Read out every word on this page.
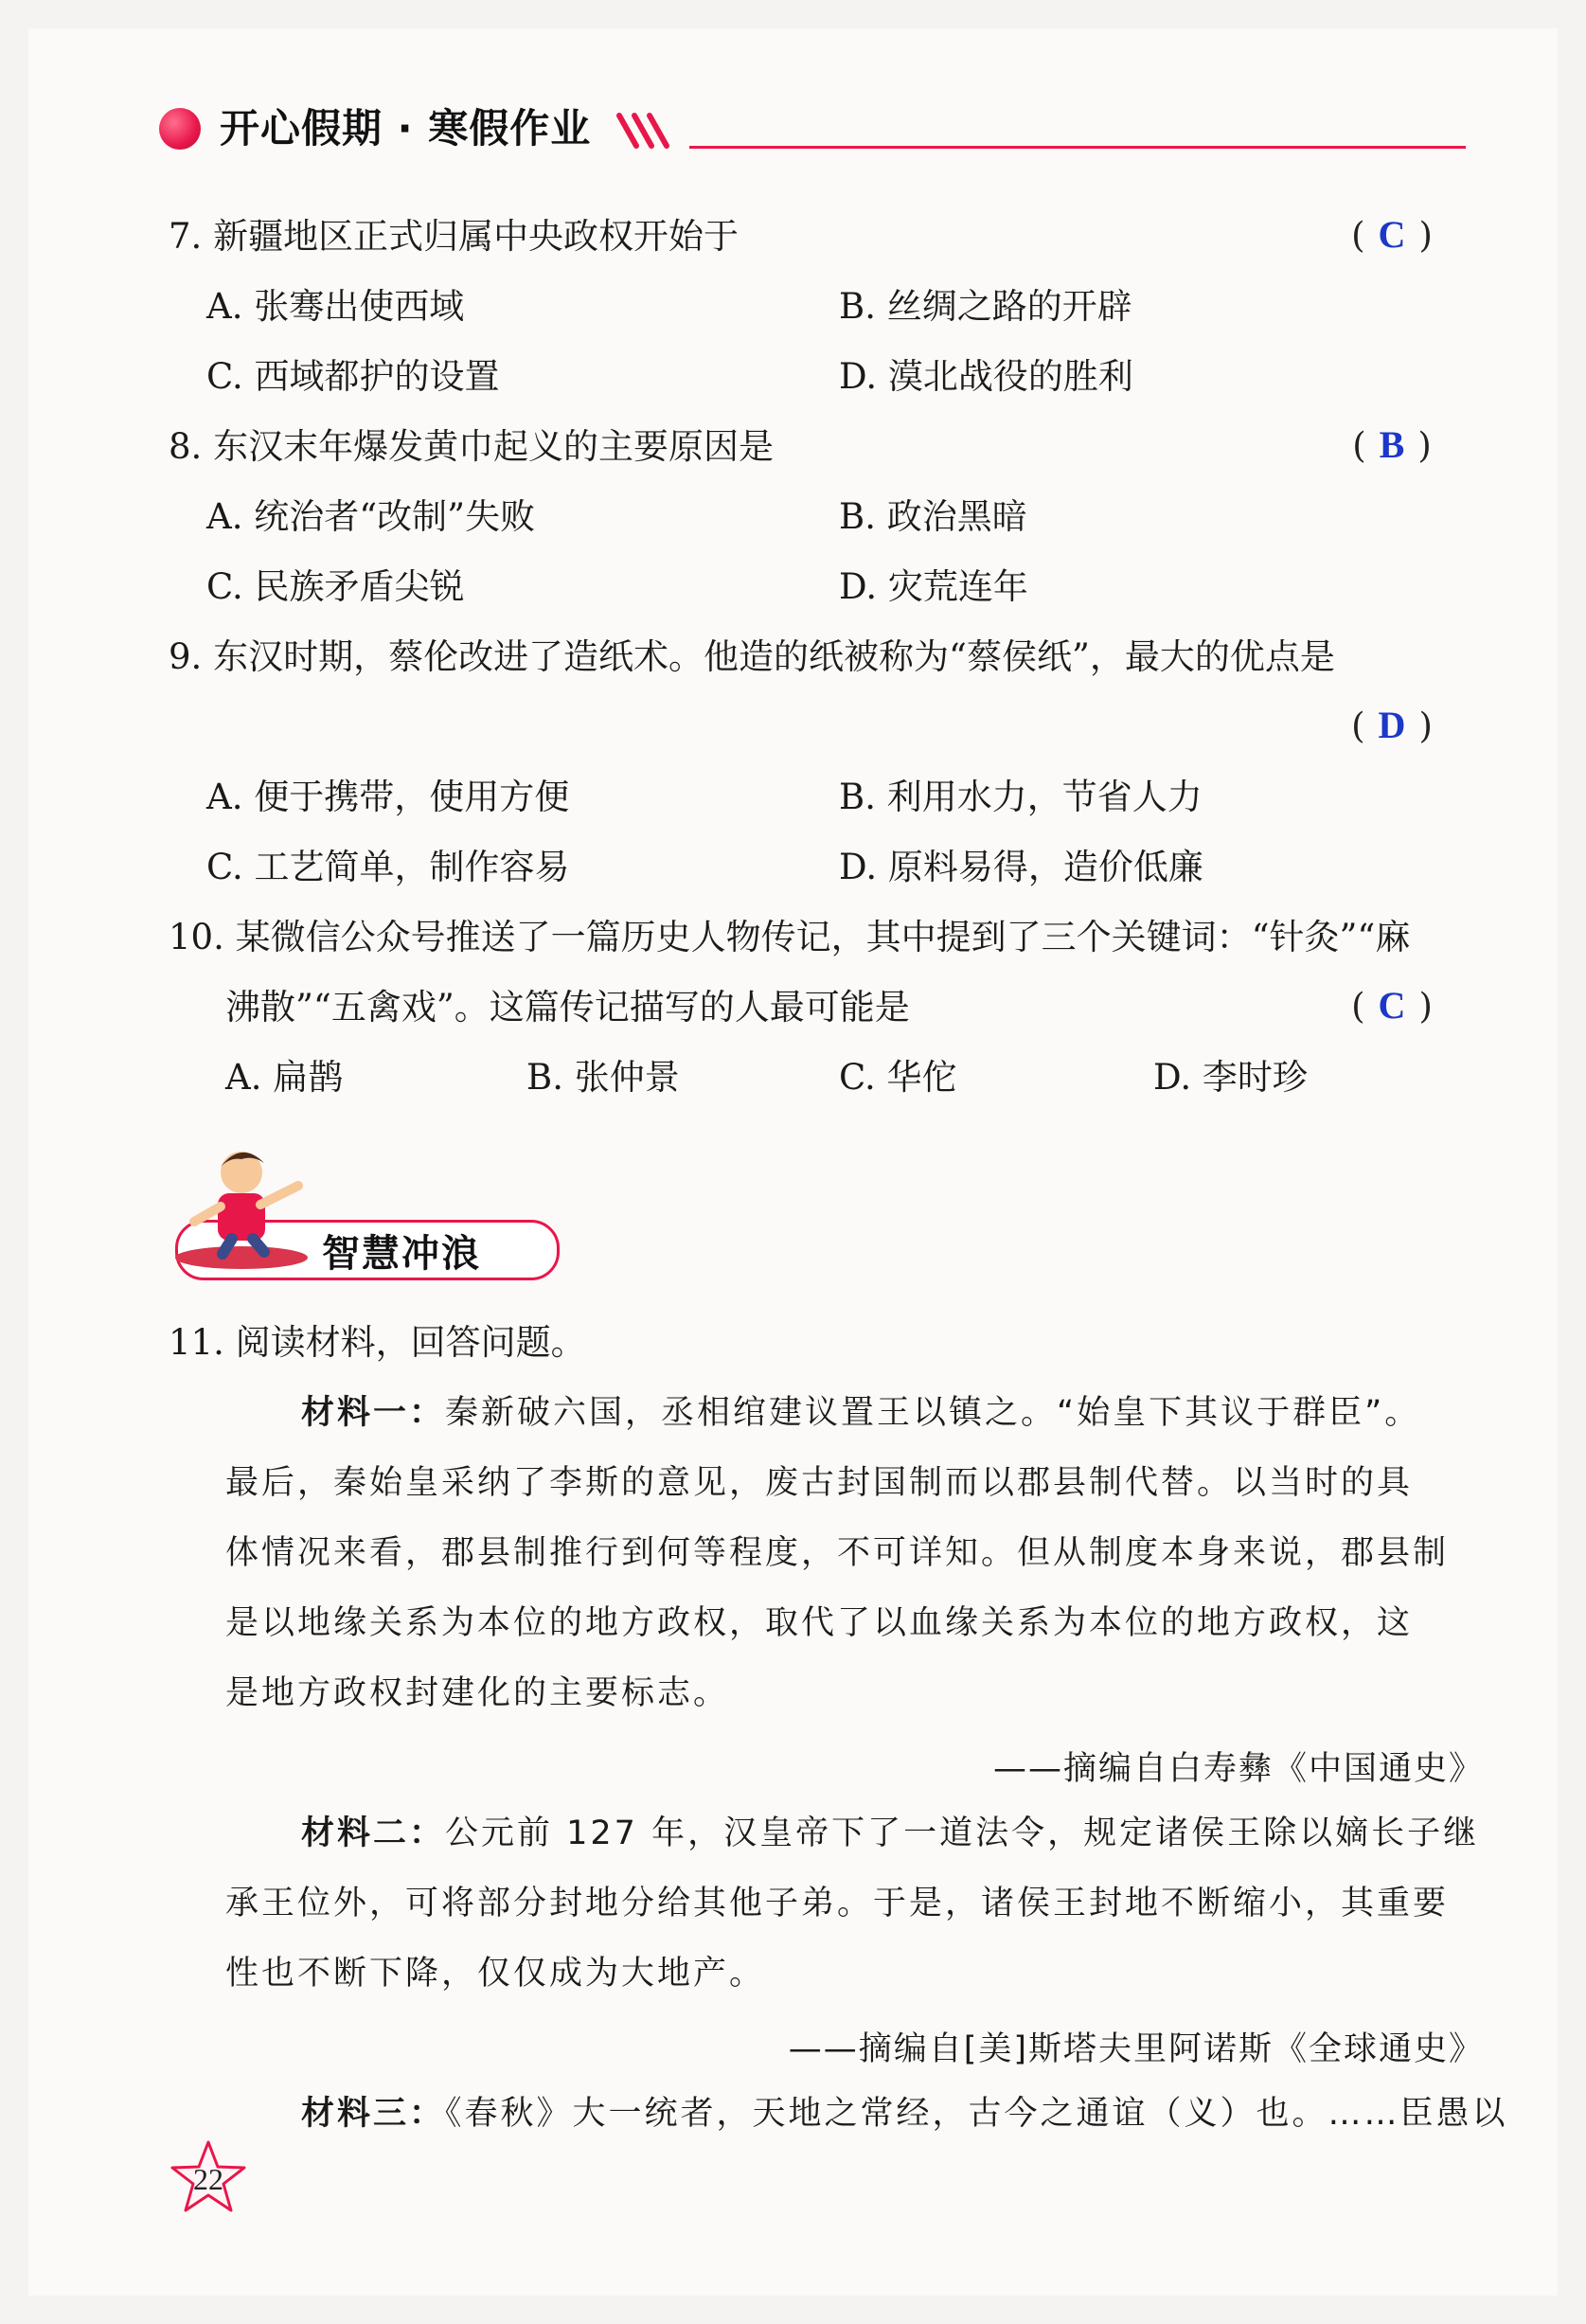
开心假期 · 寒假作业
7. 新疆地区正式归属中央政权开始于	( C )
A. 张骞出使西域	B. 丝绸之路的开辟
C. 西域都护的设置	D. 漠北战役的胜利
8. 东汉末年爆发黄巾起义的主要原因是	( B )
A. 统治者“改制”失败	B. 政治黑暗
C. 民族矛盾尖锐	D. 灾荒连年
9. 东汉时期，蔡伦改进了造纸术。他造的纸被称为“蔡侯纸”，最大的优点是
( D )
A. 便于携带，使用方便	B. 利用水力，节省人力
C. 工艺简单，制作容易	D. 原料易得，造价低廉
10. 某微信公众号推送了一篇历史人物传记，其中提到了三个关键词：“针灸”“麻
沸散”“五禽戏”。这篇传记描写的人最可能是	( C )
A. 扁鹊	B. 张仲景	C. 华佗	D. 李时珍
智慧冲浪
11. 阅读材料，回答问题。
材料一：秦新破六国，丞相绾建议置王以镇之。“始皇下其议于群臣”。
最后，秦始皇采纳了李斯的意见，废古封国制而以郡县制代替。以当时的具
体情况来看，郡县制推行到何等程度，不可详知。但从制度本身来说，郡县制
是以地缘关系为本位的地方政权，取代了以血缘关系为本位的地方政权，这
是地方政权封建化的主要标志。
——摘编自白寿彝《中国通史》
材料二：公元前 127 年，汉皇帝下了一道法令，规定诸侯王除以嫡长子继
承王位外，可将部分封地分给其他子弟。于是，诸侯王封地不断缩小，其重要
性也不断下降，仅仅成为大地产。
——摘编自[美]斯塔夫里阿诺斯《全球通史》
材料三：《春秋》大一统者，天地之常经，古今之通谊（义）也。……臣愚以
22
